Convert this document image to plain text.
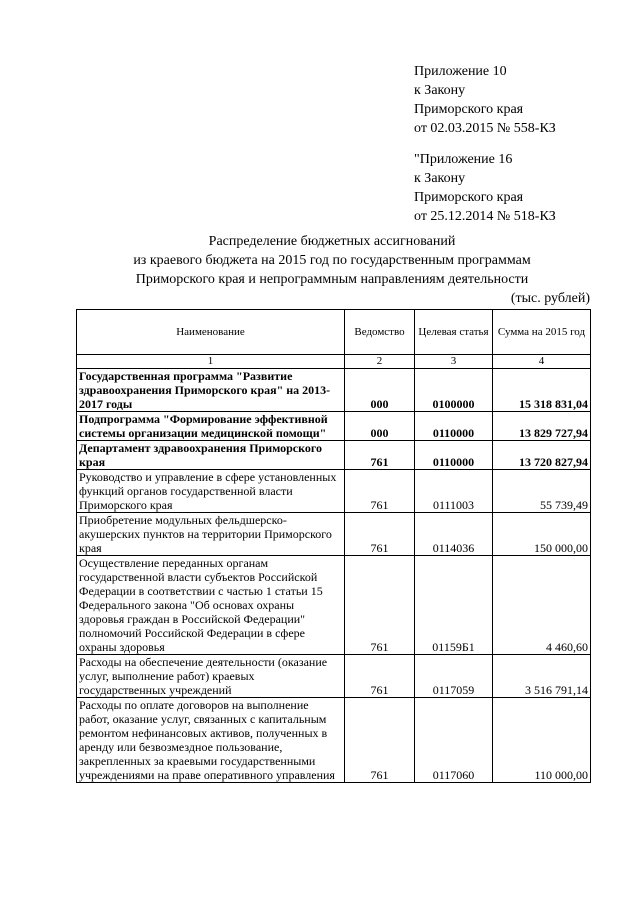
Приложение 10
к Закону
Приморского края
от 02.03.2015 № 558-КЗ
"Приложение 16
к Закону
Приморского края
от 25.12.2014 № 518-КЗ
Распределение бюджетных ассигнований
из краевого бюджета на 2015 год по государственным программам
Приморского края и непрограммным направлениям деятельности
(тыс. рублей)
Наименование	Ведомство	Целевая статья	Сумма на 2015 год
1	2	3	4
Государственная программа "Развитие здравоохранения Приморского края" на 2013-2017 годы	000	0100000	15 318 831,04
Подпрограмма "Формирование эффективной системы организации медицинской помощи"	000	0110000	13 829 727,94
Департамент здравоохранения Приморского края	761	0110000	13 720 827,94
Руководство и управление в сфере установленных функций органов государственной власти Приморского края	761	0111003	55 739,49
Приобретение модульных фельдшерско-акушерских пунктов на территории Приморского края	761	0114036	150 000,00
Осуществление переданных органам государственной власти субъектов Российской Федерации в соответствии с частью 1 статьи 15 Федерального закона "Об основах охраны здоровья граждан в Российской Федерации" полномочий Российской Федерации в сфере охраны здоровья	761	01159Б1	4 460,60
Расходы на обеспечение деятельности (оказание услуг, выполнение работ) краевых государственных учреждений	761	0117059	3 516 791,14
Расходы по оплате договоров на выполнение работ, оказание услуг, связанных с капитальным ремонтом нефинансовых активов, полученных в аренду или безвозмездное пользование, закрепленных за краевыми государственными учреждениями на праве оперативного управления	761	0117060	110 000,00
